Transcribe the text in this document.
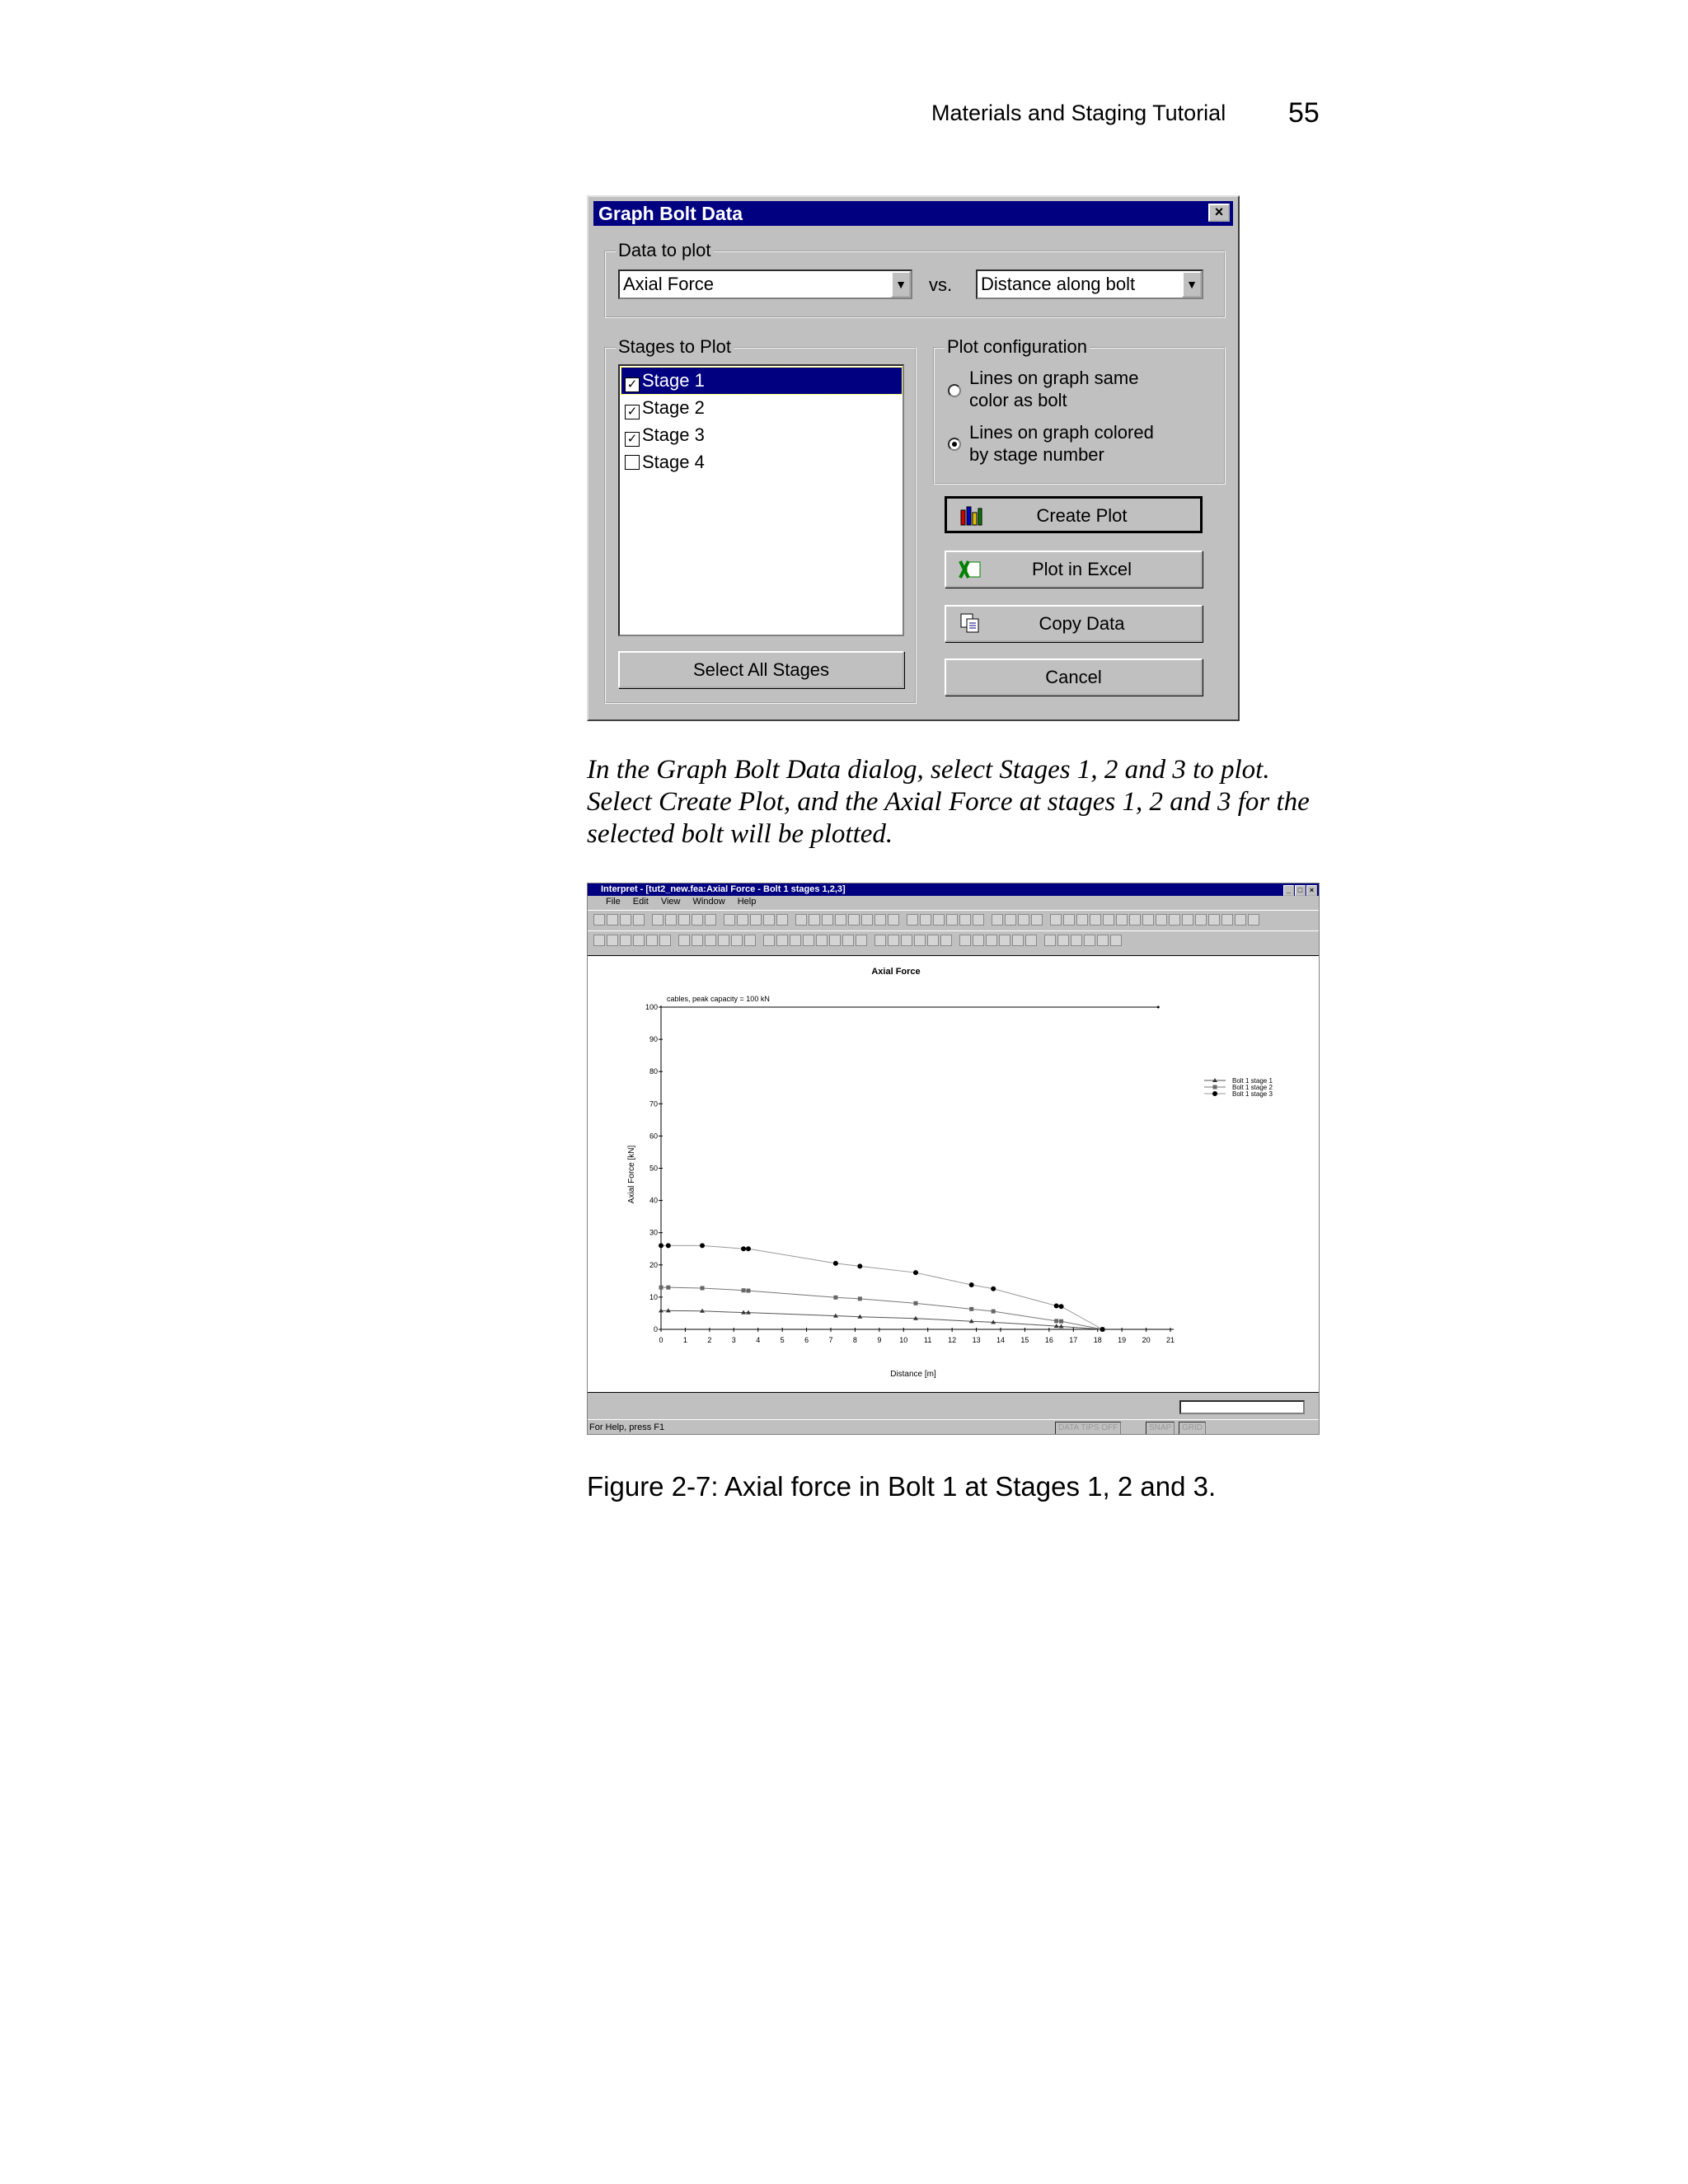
Materials and Staging Tutorial 55
Graph Bolt Data	×
Data to plot
Axial Force	▼ vs. Distance along bolt	▼
Stages to Plot
✓ Stage 1
✓ Stage 2
✓ Stage 3
Stage 4
Select All Stages
Plot configuration
Lines on graph same
color as bolt
Lines on graph colored
by stage number
Create Plot
Plot in Excel
Copy Data
Cancel
In the Graph Bolt Data dialog, select Stages 1, 2 and 3 to plot. Select Create Plot, and the Axial Force at stages 1, 2 and 3 for the selected bolt will be plotted.
Interpret - [tut2_new.fea:Axial Force - Bolt 1 stages 1,2,3]	_ □ ×
File Edit View Window Help
Axial Force
cables, peak capacity = 100 kN
Distance [m]
Axial Force [kN]
0
10
20
30
40
50
60
70
80
90
100
0	1	2	3	4	5	6	7	8	9 10 11 12 13 14 15 16 17 18 19 20 21
Bolt 1 stage 1
Bolt 1 stage 2
Bolt 1 stage 3
For Help, press F1	DATA TIPS OFF	SNAP	GRID
Figure 2-7: Axial force in Bolt 1 at Stages 1, 2 and 3.
